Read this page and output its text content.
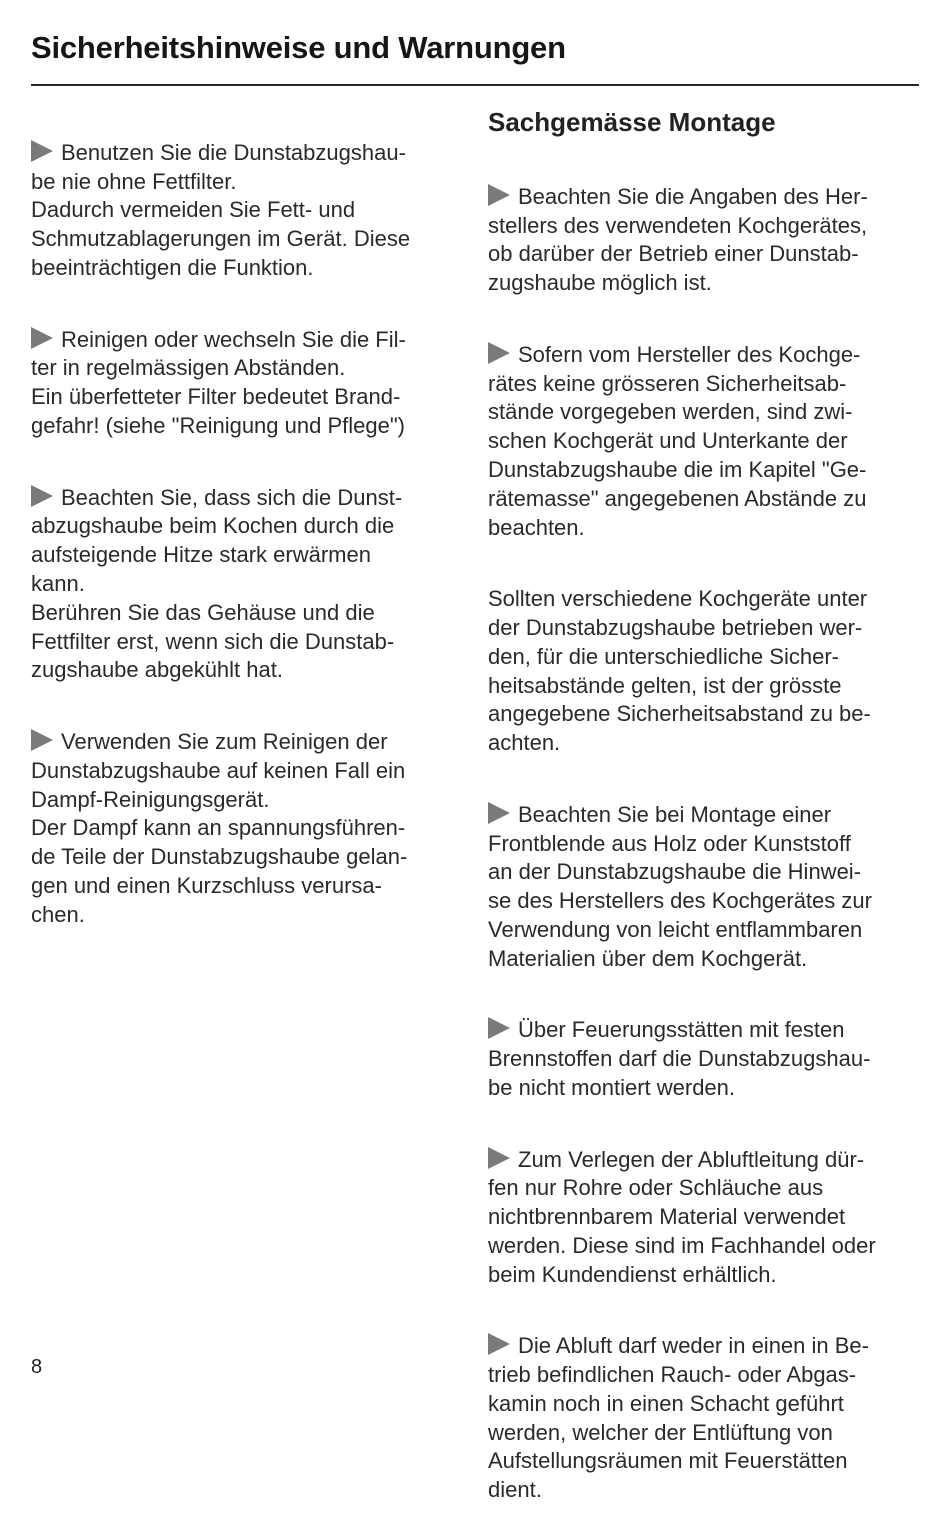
Sicherheitshinweise und Warnungen

Benutzen Sie die Dunstabzugshau-
be nie ohne Fettfilter.
Dadurch vermeiden Sie Fett- und
Schmutzablagerungen im Gerät. Diese
beeinträchtigen die Funktion.

Reinigen oder wechseln Sie die Fil-
ter in regelmässigen Abständen.
Ein überfetteter Filter bedeutet Brand-
gefahr! (siehe "Reinigung und Pflege")

Beachten Sie, dass sich die Dunst-
abzugshaube beim Kochen durch die
aufsteigende Hitze stark erwärmen
kann.
Berühren Sie das Gehäuse und die
Fettfilter erst, wenn sich die Dunstab-
zugshaube abgekühlt hat.

Verwenden Sie zum Reinigen der
Dunstabzugshaube auf keinen Fall ein
Dampf-Reinigungsgerät.
Der Dampf kann an spannungsführen-
de Teile der Dunstabzugshaube gelan-
gen und einen Kurzschluss verursa-
chen.

Sachgemässe Montage

Beachten Sie die Angaben des Her-
stellers des verwendeten Kochgerätes,
ob darüber der Betrieb einer Dunstab-
zugshaube möglich ist.

Sofern vom Hersteller des Kochge-
rätes keine grösseren Sicherheitsab-
stände vorgegeben werden, sind zwi-
schen Kochgerät und Unterkante der
Dunstabzugshaube die im Kapitel "Ge-
rätemasse" angegebenen Abstände zu
beachten.

Sollten verschiedene Kochgeräte unter
der Dunstabzugshaube betrieben wer-
den, für die unterschiedliche Sicher-
heitsabstände gelten, ist der grösste
angegebene Sicherheitsabstand zu be-
achten.

Beachten Sie bei Montage einer
Frontblende aus Holz oder Kunststoff
an der Dunstabzugshaube die Hinwei-
se des Herstellers des Kochgerätes zur
Verwendung von leicht entflammbaren
Materialien über dem Kochgerät.

Über Feuerungsstätten mit festen
Brennstoffen darf die Dunstabzugshau-
be nicht montiert werden.

Zum Verlegen der Abluftleitung dür-
fen nur Rohre oder Schläuche aus
nichtbrennbarem Material verwendet
werden. Diese sind im Fachhandel oder
beim Kundendienst erhältlich.

Die Abluft darf weder in einen in Be-
trieb befindlichen Rauch- oder Abgas-
kamin noch in einen Schacht geführt
werden, welcher der Entlüftung von
Aufstellungsräumen mit Feuerstätten
dient.

8
